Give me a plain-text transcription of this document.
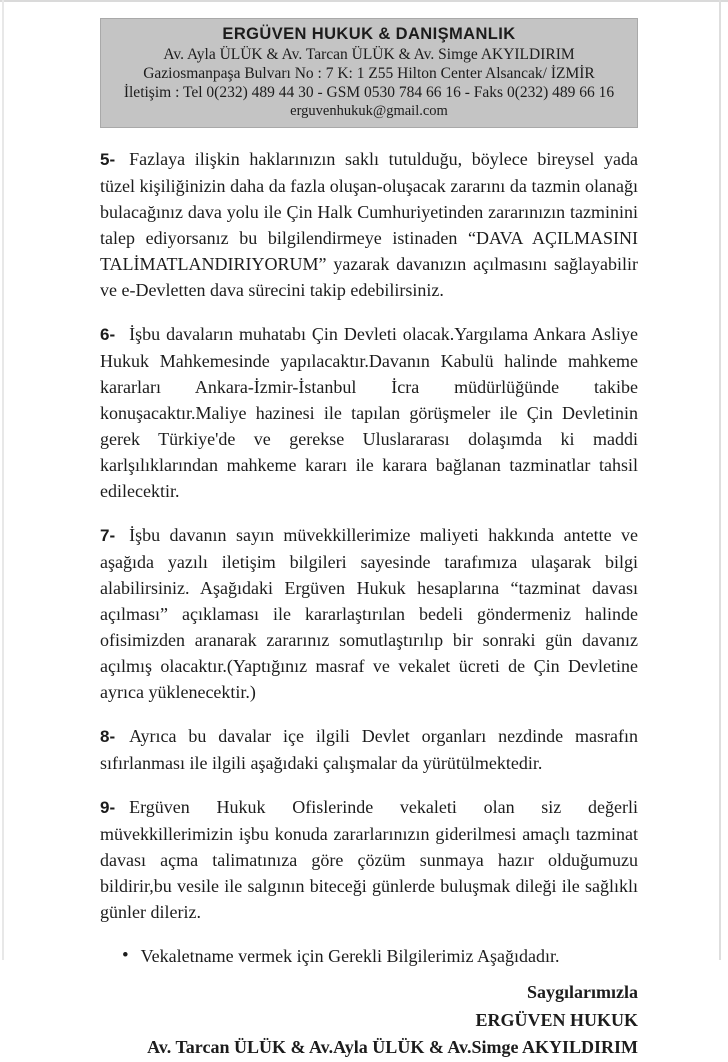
ERGÜVEN HUKUK & DANIŞMANLIK
Av. Ayla ÜLÜK & Av. Tarcan ÜLÜK & Av. Simge AKYILDIRIM
Gaziosmanpaşa Bulvarı No : 7 K: 1 Z55 Hilton Center Alsancak/ İZMİR
İletişim : Tel 0(232) 489 44 30 - GSM 0530 784 66 16 - Faks 0(232) 489 66 16
erguvenhukuk@gmail.com

5- Fazlaya ilişkin haklarınızın saklı tutulduğu, böylece bireysel yada tüzel kişiliğinizin daha da fazla oluşan-oluşacak zararını da tazmin olanağı bulacağınız dava yolu ile Çin Halk Cumhuriyetinden zararınızın tazminini talep ediyorsanız bu bilgilendirmeye istinaden “DAVA AÇILMASINI TALİMATLANDIRIYORUM” yazarak davanızın açılmasını sağlayabilir ve e-Devletten dava sürecini takip edebilirsiniz.

6- İşbu davaların muhatabı Çin Devleti olacak.Yargılama Ankara Asliye Hukuk Mahkemesinde yapılacaktır.Davanın Kabulü halinde mahkeme kararları Ankara-İzmir-İstanbul İcra müdürlüğünde takibe konuşacaktır.Maliye hazinesi ile tapılan görüşmeler ile Çin Devletinin gerek Türkiye'de ve gerekse Uluslararası dolaşımda ki maddi karlşılıklarından mahkeme kararı ile karara bağlanan tazminatlar tahsil edilecektir.

7- İşbu davanın sayın müvekkillerimize maliyeti hakkında antette ve aşağıda yazılı iletişim bilgileri sayesinde tarafımıza ulaşarak bilgi alabilirsiniz. Aşağıdaki Ergüven Hukuk hesaplarına “tazminat davası açılması” açıklaması ile kararlaştırılan bedeli göndermeniz halinde ofisimizden aranarak zararınız somutlaştırılıp bir sonraki gün davanız açılmış olacaktır.(Yaptığınız masraf ve vekalet ücreti de Çin Devletine ayrıca yüklenecektir.)

8- Ayrıca bu davalar içe ilgili Devlet organları nezdinde masrafın sıfırlanması ile ilgili aşağıdaki çalışmalar da yürütülmektedir.

9- Ergüven Hukuk Ofislerinde vekaleti olan siz değerli müvekkillerimizin işbu konuda zararlarınızın giderilmesi amaçlı tazminat davası açma talimatınıza göre çözüm sunmaya hazır olduğumuzu bildirir,bu vesile ile salgının biteceği günlerde buluşmak dileği ile sağlıklı günler dileriz.

• Vekaletname vermek için Gerekli Bilgilerimiz Aşağıdadır.
Saygılarımızla
ERGÜVEN HUKUK
Av. Tarcan ÜLÜK & Av.Ayla ÜLÜK & Av.Simge AKYILDIRIM
